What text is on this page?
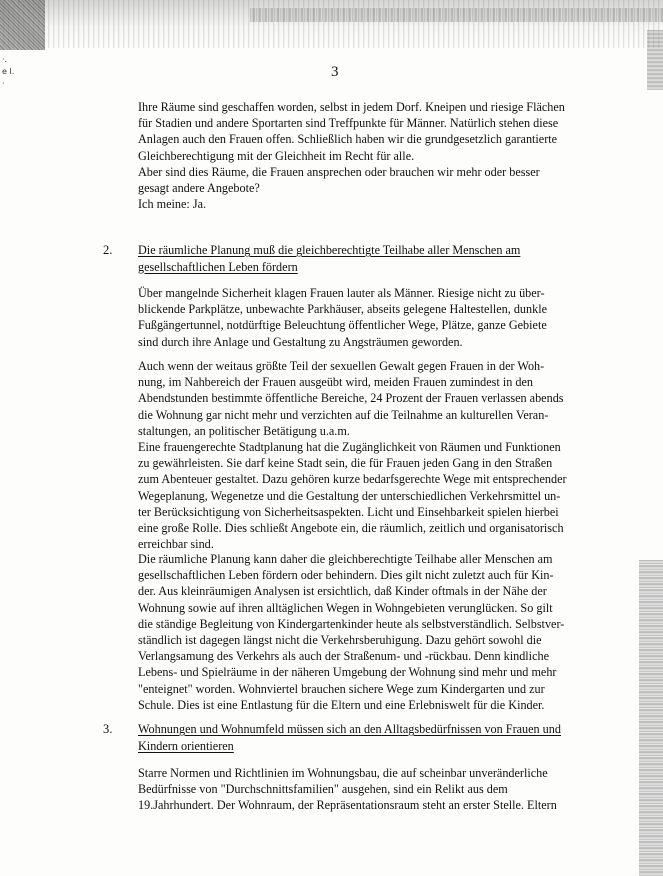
·.
e l.
·
3
Ihre Räume sind geschaffen worden, selbst in jedem Dorf. Kneipen und riesige Flächen
für Stadien und andere Sportarten sind Treffpunkte für Männer. Natürlich stehen diese
Anlagen auch den Frauen offen. Schließlich haben wir die grundgesetzlich garantierte
Gleichberechtigung mit der Gleichheit im Recht für alle.
Aber sind dies Räume, die Frauen ansprechen oder brauchen wir mehr oder besser
gesagt andere Angebote?
Ich meine: Ja.
2. Die räumliche Planung muß die gleichberechtigte Teilhabe aller Menschen am
gesellschaftlichen Leben fördern
Über mangelnde Sicherheit klagen Frauen lauter als Männer. Riesige nicht zu über-
blickende Parkplätze, unbewachte Parkhäuser, abseits gelegene Haltestellen, dunkle
Fußgängertunnel, notdürftige Beleuchtung öffentlicher Wege, Plätze, ganze Gebiete
sind durch ihre Anlage und Gestaltung zu Angsträumen geworden.
Auch wenn der weitaus größte Teil der sexuellen Gewalt gegen Frauen in der Woh-
nung, im Nahbereich der Frauen ausgeübt wird, meiden Frauen zumindest in den
Abendstunden bestimmte öffentliche Bereiche, 24 Prozent der Frauen verlassen abends
die Wohnung gar nicht mehr und verzichten auf die Teilnahme an kulturellen Veran-
staltungen, an politischer Betätigung u.a.m.
Eine frauengerechte Stadtplanung hat die Zugänglichkeit von Räumen und Funktionen
zu gewährleisten. Sie darf keine Stadt sein, die für Frauen jeden Gang in den Straßen
zum Abenteuer gestaltet. Dazu gehören kurze bedarfsgerechte Wege mit entsprechender
Wegeplanung, Wegenetze und die Gestaltung der unterschiedlichen Verkehrsmittel un-
ter Berücksichtigung von Sicherheitsaspekten. Licht und Einsehbarkeit spielen hierbei
eine große Rolle. Dies schließt Angebote ein, die räumlich, zeitlich und organisatorisch
erreichbar sind.
Die räumliche Planung kann daher die gleichberechtigte Teilhabe aller Menschen am
gesellschaftlichen Leben fördern oder behindern. Dies gilt nicht zuletzt auch für Kin-
der. Aus kleinräumigen Analysen ist ersichtlich, daß Kinder oftmals in der Nähe der
Wohnung sowie auf ihren alltäglichen Wegen in Wohngebieten verunglücken. So gilt
die ständige Begleitung von Kindergartenkinder heute als selbstverständlich. Selbstver-
ständlich ist dagegen längst nicht die Verkehrsberuhigung. Dazu gehört sowohl die
Verlangsamung des Verkehrs als auch der Straßenum- und -rückbau. Denn kindliche
Lebens- und Spielräume in der näheren Umgebung der Wohnung sind mehr und mehr
"enteignet" worden. Wohnviertel brauchen sichere Wege zum Kindergarten und zur
Schule. Dies ist eine Entlastung für die Eltern und eine Erlebniswelt für die Kinder.
3. Wohnungen und Wohnumfeld müssen sich an den Alltagsbedürfnissen von Frauen und
Kindern orientieren
Starre Normen und Richtlinien im Wohnungsbau, die auf scheinbar unveränderliche
Bedürfnisse von "Durchschnittsfamilien" ausgehen, sind ein Relikt aus dem
19.Jahrhundert. Der Wohnraum, der Repräsentationsraum steht an erster Stelle. Eltern
